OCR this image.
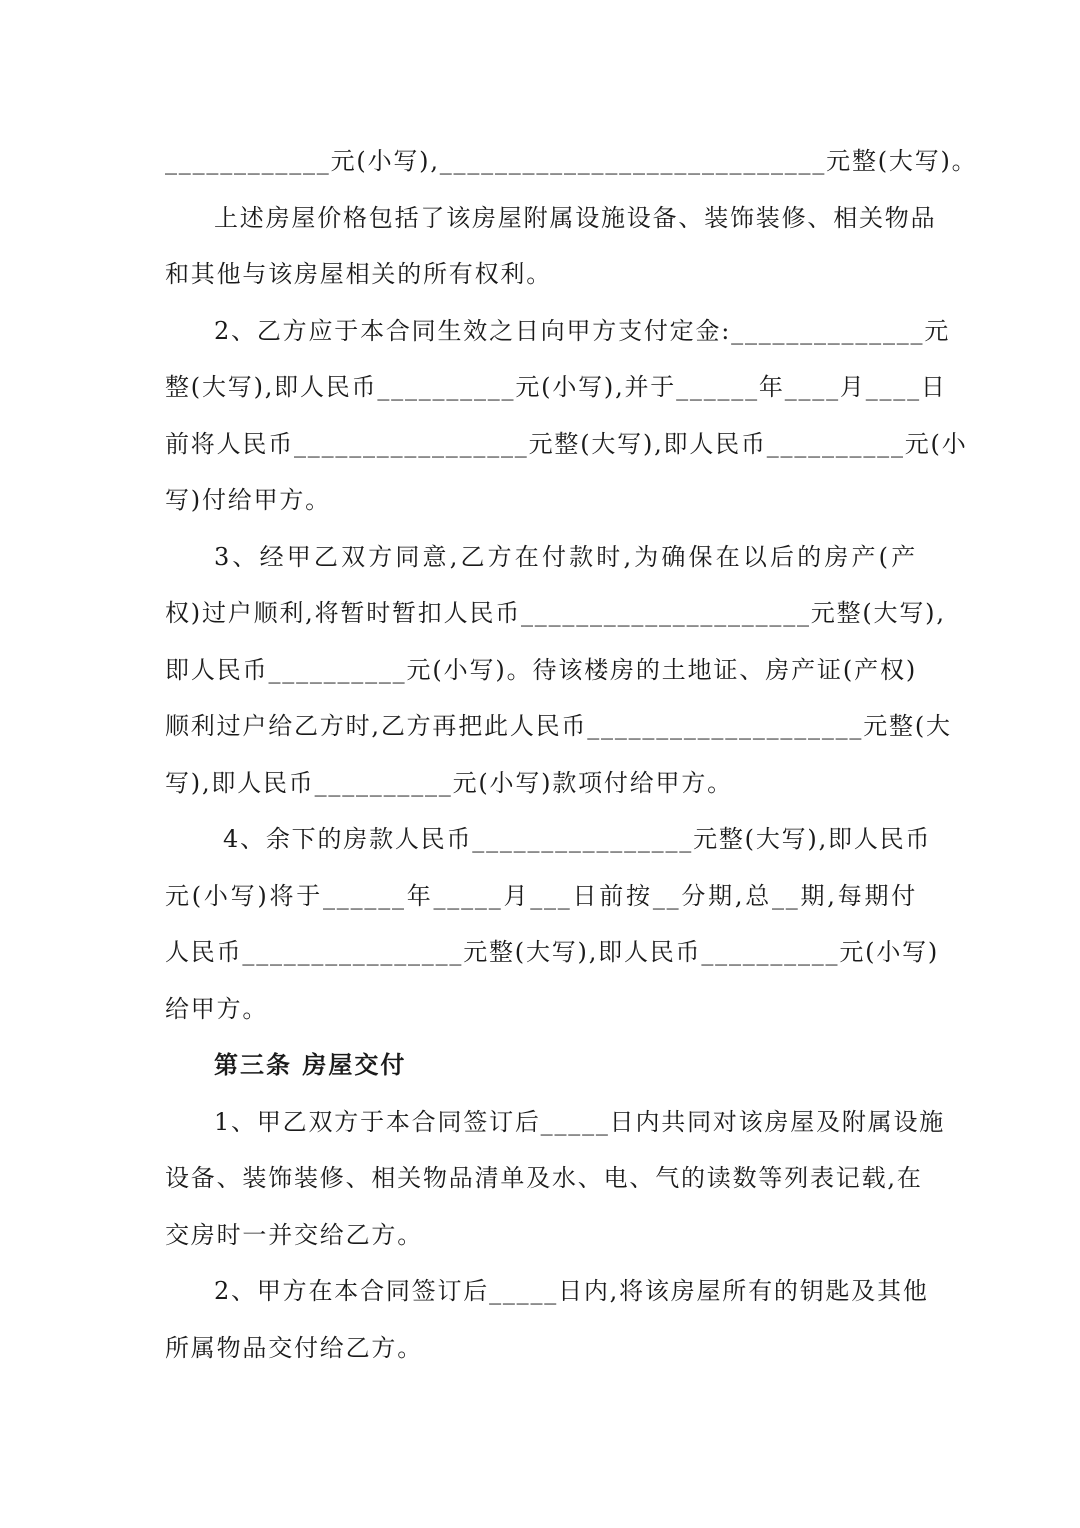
____________元(小写),____________________________元整(大写)。
上述房屋价格包括了该房屋附属设施设备、装饰装修、相关物品
和其他与该房屋相关的所有权利。
2、乙方应于本合同生效之日向甲方支付定金:______________元
整(大写),即人民币__________元(小写),并于______年____月____日
前将人民币_________________元整(大写),即人民币__________元(小
写)付给甲方。
3、经甲乙双方同意,乙方在付款时,为确保在以后的房产(产
权)过户顺利,将暂时暂扣人民币_____________________元整(大写),
即人民币__________元(小写)。待该楼房的土地证、房产证(产权)
顺利过户给乙方时,乙方再把此人民币____________________元整(大
写),即人民币__________元(小写)款项付给甲方。
4、余下的房款人民币________________元整(大写),即人民币
元(小写)将于______年_____月___日前按__分期,总__期,每期付
人民币________________元整(大写),即人民币__________元(小写)
给甲方。
第三条 房屋交付
1、甲乙双方于本合同签订后_____日内共同对该房屋及附属设施
设备、装饰装修、相关物品清单及水、电、气的读数等列表记载,在
交房时一并交给乙方。
2、甲方在本合同签订后_____日内,将该房屋所有的钥匙及其他
所属物品交付给乙方。
